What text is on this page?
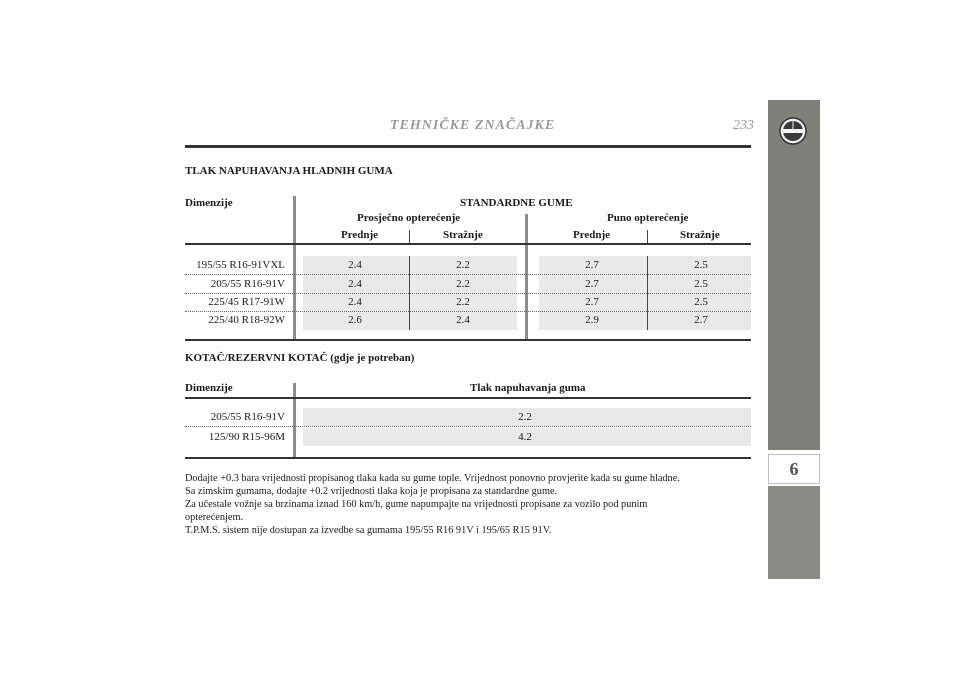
TEHNIČKE ZNAČAJKE	233
6
TLAK NAPUHAVANJA HLADNIH GUMA
Dimenzije	STANDARDNE GUME
Prosječno opterećenje	Puno opterećenje
Prednje	Stražnje	Prednje	Stražnje
195/55 R16-91VXL	2.4	2.2	2.7	2.5
205/55 R16-91V	2.4	2.2	2.7	2.5
225/45 R17-91W	2.4	2.2	2.7	2.5
225/40 R18-92W	2.6	2.4	2.9	2.7
KOTAČ/REZERVNI KOTAČ (gdje je potreban)
Dimenzije	Tlak napuhavanja guma
205/55 R16-91V	2.2
125/90 R15-96M	4.2
Dodajte +0.3 bara vrijednosti propisanog tlaka kada su gume tople. Vrijednost ponovno provjerite kada su gume hladne.
Sa zimskim gumama, dodajte +0.2 vrijednosti tlaka koja je propisana za standardne gume.
Za učestale vožnje sa brzinama iznad 160 km/h, gume napumpajte na vrijednosti propisane za vozilo pod punim
opterećenjem.
T.P.M.S. sistem nije dostupan za izvedbe sa gumama 195/55 R16 91V i 195/65 R15 91V.
